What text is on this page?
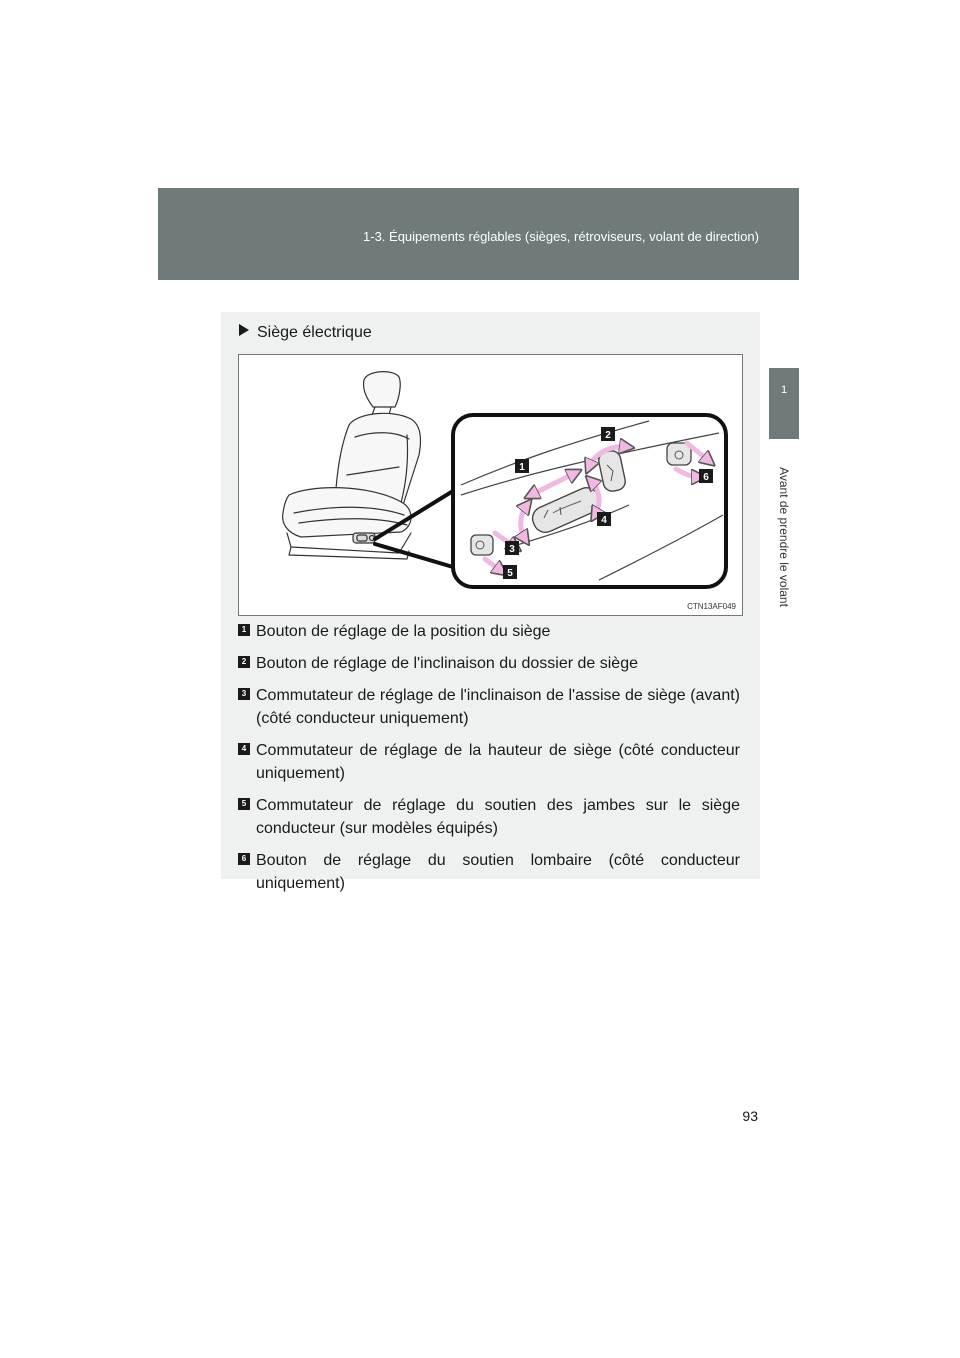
1-3. Équipements réglables (sièges, rétroviseurs, volant de direction)
1
Avant de prendre le volant
Siège électrique
1
2
3
4
5
6
CTN13AF049
1 Bouton de réglage de la position du siège
2 Bouton de réglage de l'inclinaison du dossier de siège
3 Commutateur de réglage de l'inclinaison de l'assise de siège (avant) (côté conducteur uniquement)
4 Commutateur de réglage de la hauteur de siège (côté conducteur uniquement)
5 Commutateur de réglage du soutien des jambes sur le siège conducteur (sur modèles équipés)
6 Bouton de réglage du soutien lombaire (côté conducteur uniquement)
93
